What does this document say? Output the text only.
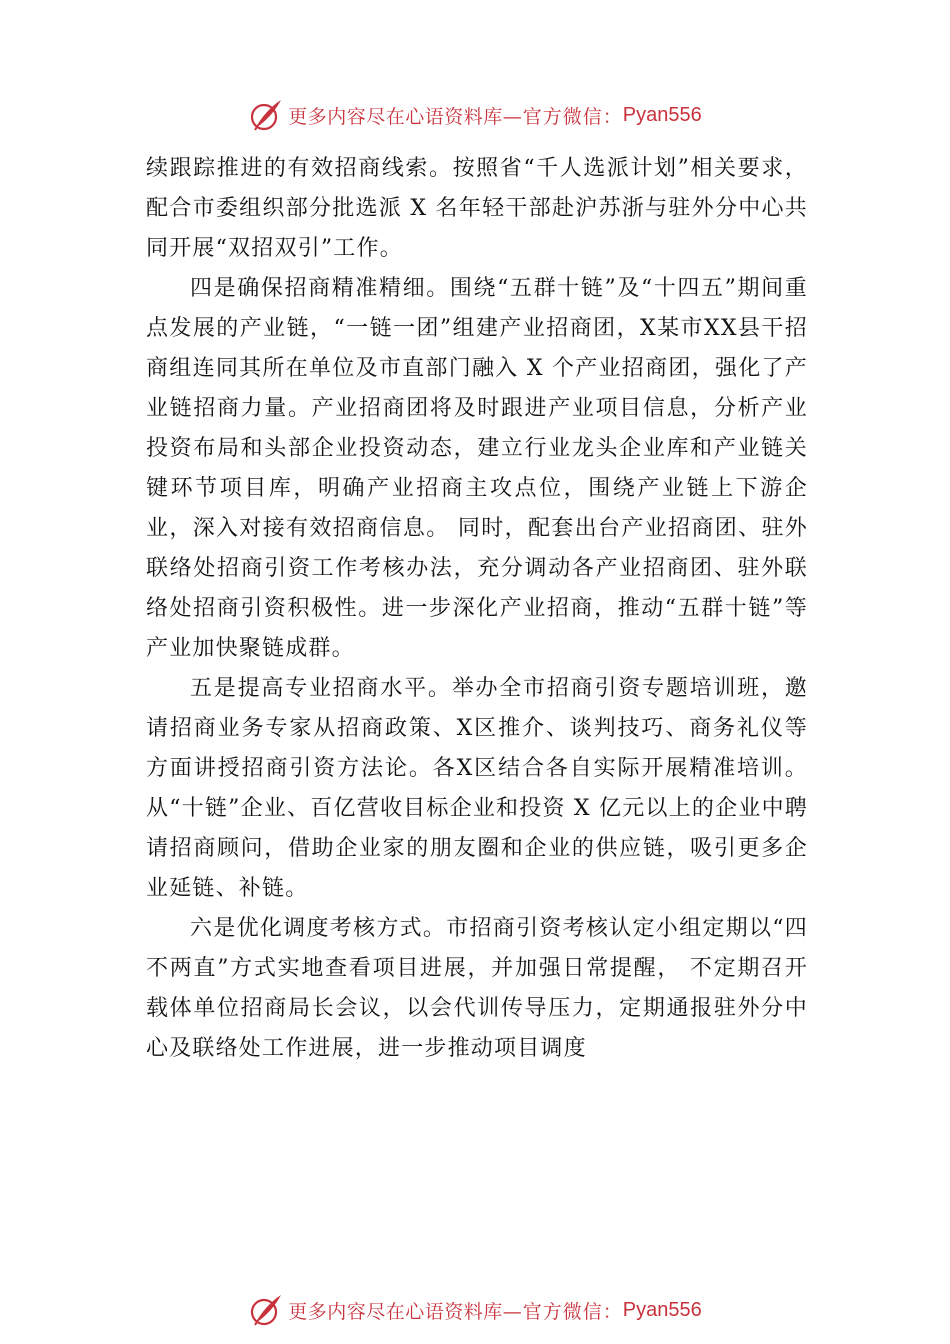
更多内容尽在心语资料库 —官方微信： Pyan556

续跟踪推进的有效招商线索。按照省“千人选派计划”相关要求，配合市委组织部分批选派 X 名年轻干部赴沪苏浙与驻外分中心共同开展“双招双引”工作。

四是确保招商精准精细。围绕“五群十链”及“十四五”期间重点发展的产业链，“一链一团”组建产业招商团，X某市XX县干招商组连同其所在单位及市直部门融入 X 个产业招商团，强化了产业链招商力量。产业招商团将及时跟进产业项目信息，分析产业投资布局和头部企业投资动态，建立行业龙头企业库和产业链关键环节项目库，明确产业招商主攻点位，围绕产业链上下游企业，深入对接有效招商信息。 同时，配套出台产业招商团、驻外联络处招商引资工作考核办法，充分调动各产业招商团、驻外联络处招商引资积极性。进一步深化产业招商，推动“五群十链”等产业加快聚链成群。

五是提高专业招商水平。举办全市招商引资专题培训班，邀请招商业务专家从招商政策、X区推介、谈判技巧、商务礼仪等方面讲授招商引资方法论。各X区结合各自实际开展精准培训。从“十链”企业、百亿营收目标企业和投资 X 亿元以上的企业中聘请招商顾问，借助企业家的朋友圈和企业的供应链，吸引更多企业延链、补链。

六是优化调度考核方式。市招商引资考核认定小组定期以“四不两直”方式实地查看项目进展，并加强日常提醒， 不定期召开载体单位招商局长会议，以会代训传导压力，定期通报驻外分中心及联络处工作进展，进一步推动项目调度

更多内容尽在心语资料库 —官方微信： Pyan556
